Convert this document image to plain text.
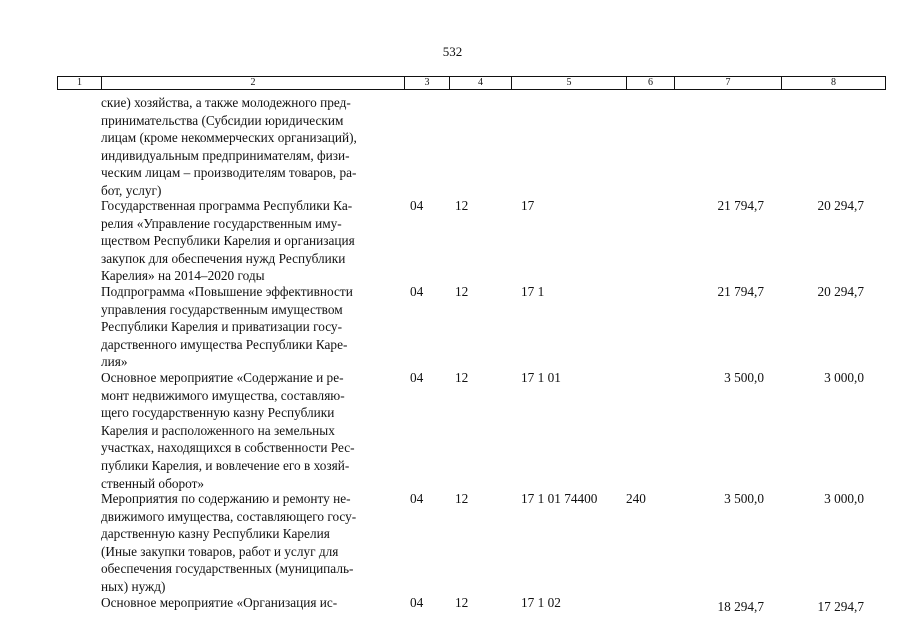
532
1	2	3	4	5	6	7	8

ские) хозяйства, а также молодежного пред-
принимательства (Субсидии юридическим
лицам (кроме некоммерческих организаций),
индивидуальным предпринимателям, физи-
ческим лицам – производителям товаров, ра-
бот, услуг)

Государственная программа Республики Ка-
релия «Управление государственным иму-
ществом Республики Карелия и организация
закупок для обеспечения нужд Республики
Карелия» на 2014–2020 годы

04 12	17	21 794,7	20 294,7

Подпрограмма «Повышение эффективности
управления государственным имуществом
Республики Карелия и приватизации госу-
дарственного имущества Республики Каре-
лия»

04 12	17 1	21 794,7	20 294,7

Основное мероприятие «Содержание и ре-
монт недвижимого имущества, составляю-
щего государственную казну Республики
Карелия и расположенного на земельных
участках, находящихся в собственности Рес-
публики Карелия, и вовлечение его в хозяй-
ственный оборот»

04 12	17 1 01	3 500,0	3 000,0

Мероприятия по содержанию и ремонту не-
движимого имущества, составляющего госу-
дарственную казну Республики Карелия
(Иные закупки товаров, работ и услуг для
обеспечения государственных (муниципаль-
ных) нужд)

04 12	17 1 01 74400 240	3 500,0	3 000,0

Основное мероприятие «Организация ис-	04 12	17 1 02	18 294,7	17 294,7
